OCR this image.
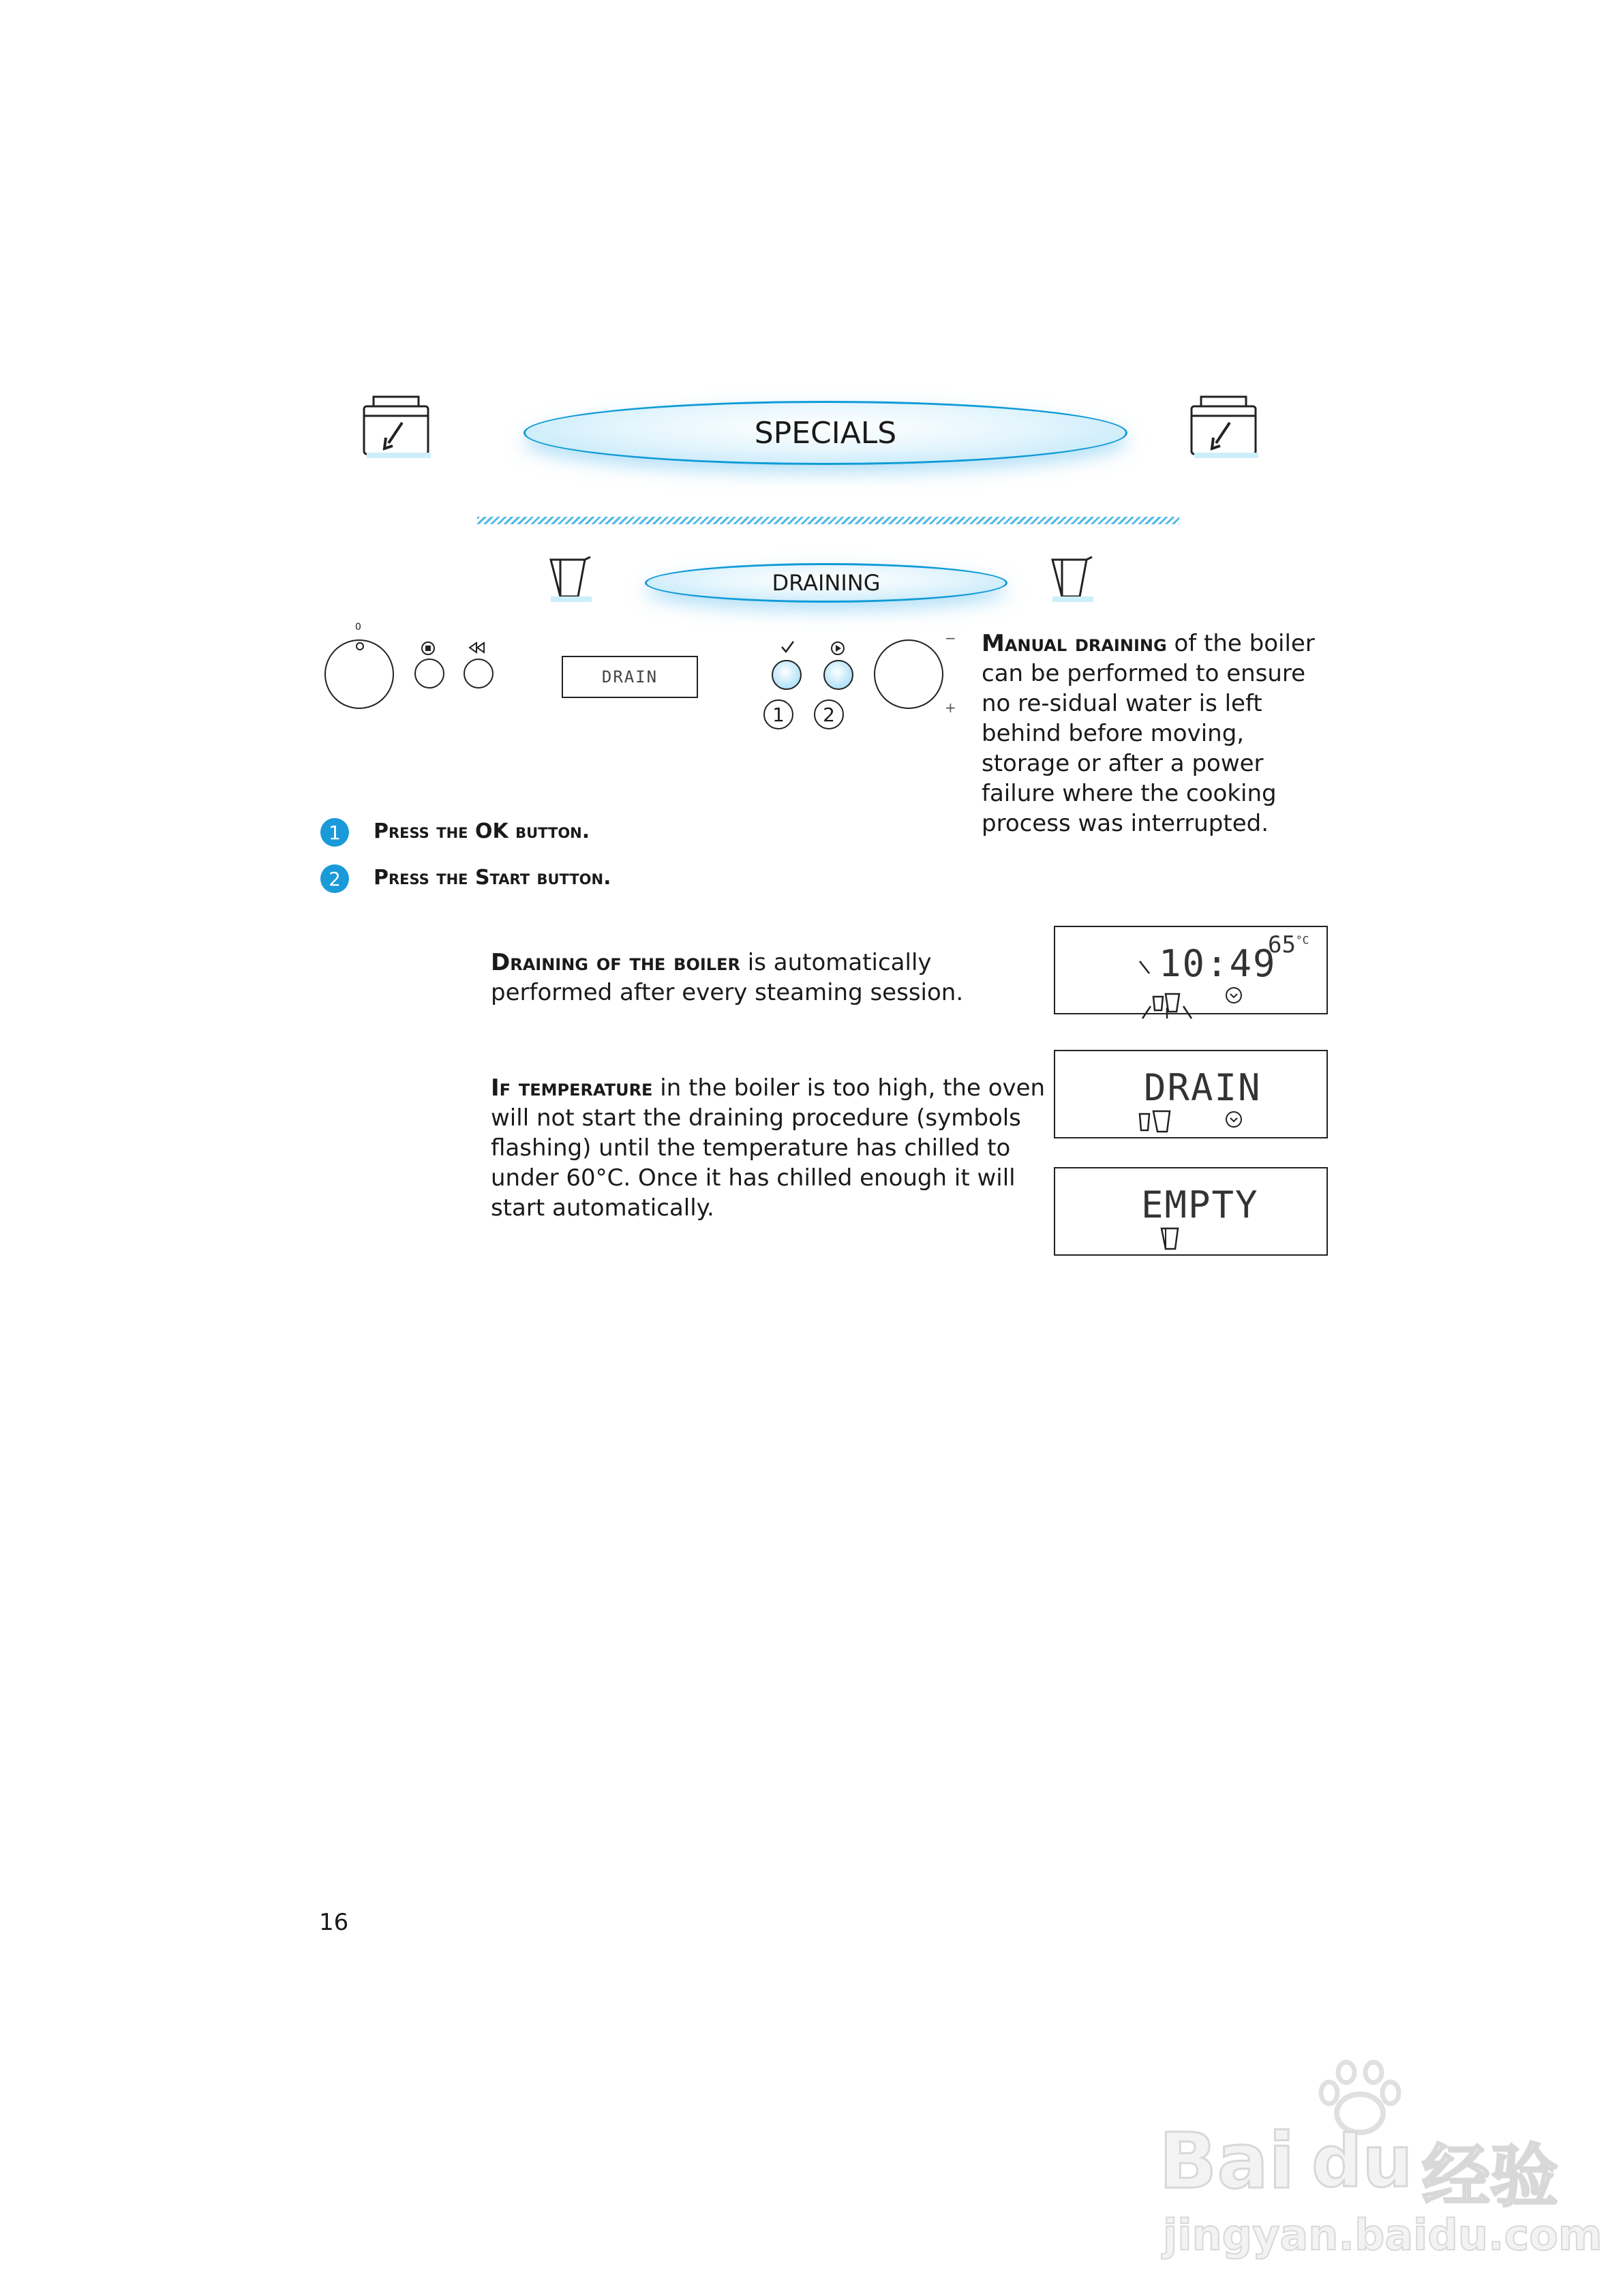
SPECIALS
DRAINING
0
DRAIN
1 2
−
+
Manual draining of the boiler can be performed to ensure no re-sidual water is left behind before moving, storage or after a power failure where the cooking process was interrupted.
1 Press the OK button.
2 Press the Start button.
Draining of the boiler is automatically performed after every steaming session.
If temperature in the boiler is too high, the oven will not start the draining procedure (symbols flashing) until the temperature has chilled to under 60°C. Once it has chilled enough it will start automatically.
10:49
$65^{^\circ C}$
DRAIN
EMPTY
16
Bai du 经验
jingyan.baidu.com
